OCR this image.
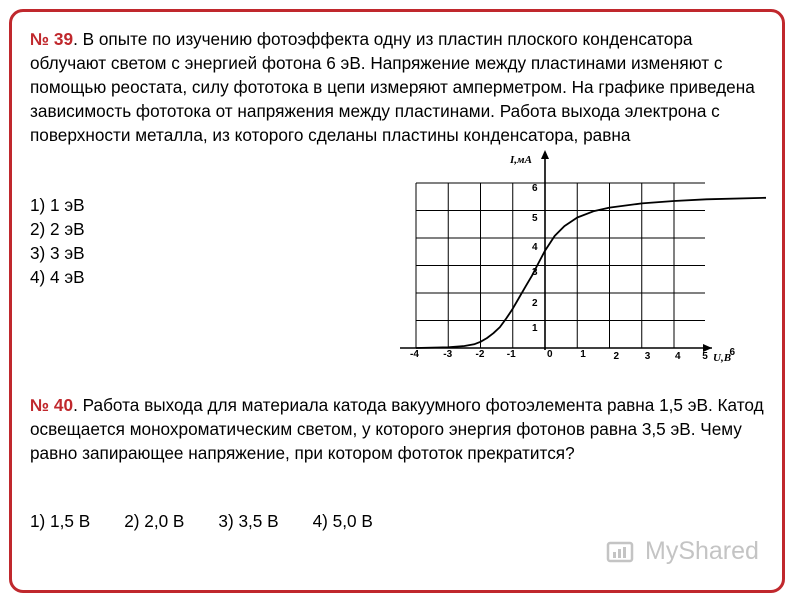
№ 39. В опыте по изучению фотоэффекта одну из пластин плоского конденсатора облучают светом с энергией фотона 6 эВ. Напряжение между пластинами изменяют с помощью реостата, силу фототока в цепи измеряют амперметром. На графике приведена зависимость фототока от напряжения между пластинами. Работа выхода электрона с поверхности металла, из которого сделаны пластины конденсатора, равна
1) 1 эВ
2) 2 эВ
3) 3 эВ
4) 4 эВ
№ 40. Работа выхода для материала катода вакуумного фотоэлемента равна 1,5 эВ. Катод освещается монохроматическим светом, у которого энергия фотонов равна 3,5 эВ. Чему равно запирающее напряжение, при котором фототок прекратится?
1) 1,5 В 2) 2,0 В 3) 3,5 В 4) 5,0 В
-4 -3 -2 -1	0	1	2	3 4 5 6
1
2
3
4
5
6
I,мА
U,В
MyShared
